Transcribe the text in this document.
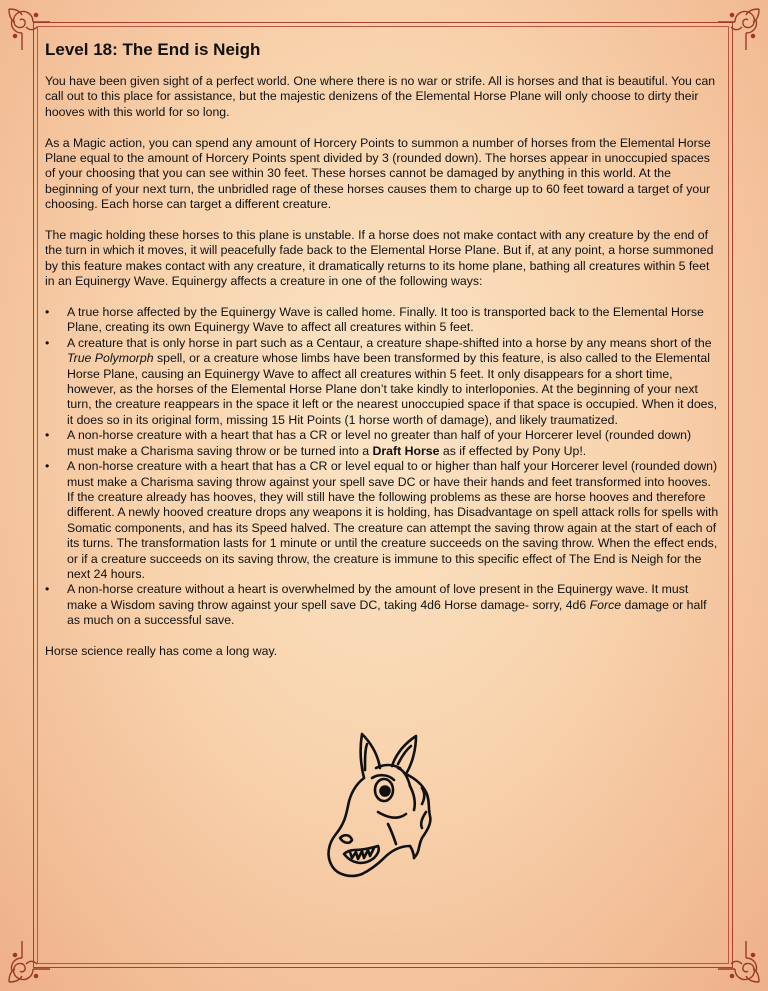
Level 18: The End is Neigh

You have been given sight of a perfect world. One where there is no war or strife. All is horses and that is beautiful. You can call out to this place for assistance, but the majestic denizens of the Elemental Horse Plane will only choose to dirty their hooves with this world for so long.

As a Magic action, you can spend any amount of Horcery Points to summon a number of horses from the Elemental Horse Plane equal to the amount of Horcery Points spent divided by 3 (rounded down). The horses appear in unoccupied spaces of your choosing that you can see within 30 feet. These horses cannot be damaged by anything in this world. At the beginning of your next turn, the unbridled rage of these horses causes them to charge up to 60 feet toward a target of your choosing. Each horse can target a different creature.

The magic holding these horses to this plane is unstable. If a horse does not make contact with any creature by the end of the turn in which it moves, it will peacefully fade back to the Elemental Horse Plane. But if, at any point, a horse summoned by this feature makes contact with any creature, it dramatically returns to its home plane, bathing all creatures within 5 feet in an Equinergy Wave. Equinergy affects a creature in one of the following ways:

• A true horse affected by the Equinergy Wave is called home. Finally. It too is transported back to the Elemental Horse Plane, creating its own Equinergy Wave to affect all creatures within 5 feet.
• A creature that is only horse in part such as a Centaur, a creature shape-shifted into a horse by any means short of the True Polymorph spell, or a creature whose limbs have been transformed by this feature, is also called to the Elemental Horse Plane, causing an Equinergy Wave to affect all creatures within 5 feet. It only disappears for a short time, however, as the horses of the Elemental Horse Plane don’t take kindly to interloponies. At the beginning of your next turn, the creature reappears in the space it left or the nearest unoccupied space if that space is occupied. When it does, it does so in its original form, missing 15 Hit Points (1 horse worth of damage), and likely traumatized.
• A non-horse creature with a heart that has a CR or level no greater than half of your Horcerer level (rounded down) must make a Charisma saving throw or be turned into a Draft Horse as if effected by Pony Up!.
• A non-horse creature with a heart that has a CR or level equal to or higher than half your Horcerer level (rounded down) must make a Charisma saving throw against your spell save DC or have their hands and feet transformed into hooves. If the creature already has hooves, they will still have the following problems as these are horse hooves and therefore different. A newly hooved creature drops any weapons it is holding, has Disadvantage on spell attack rolls for spells with Somatic components, and has its Speed halved. The creature can attempt the saving throw again at the start of each of its turns. The transformation lasts for 1 minute or until the creature succeeds on the saving throw. When the effect ends, or if a creature succeeds on its saving throw, the creature is immune to this specific effect of The End is Neigh for the next 24 hours.
• A non-horse creature without a heart is overwhelmed by the amount of love present in the Equinergy wave. It must make a Wisdom saving throw against your spell save DC, taking 4d6 Horse damage- sorry, 4d6 Force damage or half as much on a successful save.

Horse science really has come a long way.
